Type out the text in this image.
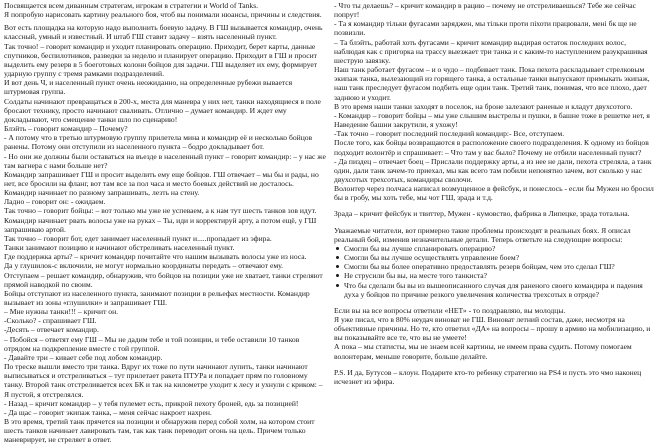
Посвящается всем диванным стратегам, игрокам в стратегии и World of Tanks.

Я попробую нарисовать картину реального боя, чтоб вы понимали нюансы, причины и следствия.

Вот есть площадка на которую надо выполнить боевую задачу. В ГШ вызывается командир, очень классный, умный и известный. И штаб ГШ ставит задачу – взять населенный пункт.

Так точно! – говорит командир и уходит планировать операцию. Приходит, берет карты, данные спутников, беспилотников, разведки за неделю и планирует операцию. Приходит в ГШ и просит выделить ему резерв в 5 боеготовых колонн бойцов для задачи. ГШ выделяет их ему, формирует ударную группу с тремя рамками подразделений.

И вот день Ч, и населенный пункт очень неожиданно, на определенные рубежи вывается штурмовая группа.

Солдаты начинают превращаться в 200-х, места для маневра у них нет, танки находящиеся в поле бросают технику, просто начинают сваливать. Отлично – думает командир. И ждет ему докладывают, что смещение танки шло по сценарию!

Блэйть – говорит командир – Почему?

- А потому что в третью штурмовую группу прилетела мина и командир её и несколько бойцов ранены. Потому они отступили из населенного пункта – бодро докладывает бот.

- Но они же должны были оставаться на въезде в населенный пункт – говорит командир: – у нас же там вагнера с нами больше нет?

Командир запрашивает ГШ и просит выделить ему еще бойцов. ГШ отвечает – мы бы и рады, но нет, все бросили на фланг, вот там все за пол часа и место боевых действий не досталось.

Командир начинает по разному запрашивать, лезть на стену.

Ладно – говорит он: - ожидаем.

Так точно – говорит бойцы: – вот только мы уже не успеваем, а к нам тут шесть танков зов идут.

Командир начинает рвать волосы уже на руках – Ты, иди и корректируй арту, а потом ещё, у ГШ запрашиваю артой.

Так точно – говорит бот, едет занимает населенный пункт и.....пропадает из эфира.

Танки занимают позицию и начинают обстреливать населенный пункт.

Где поддержка арты? – кричит командир почитайте что нашим вызывать волосы уже из носа.

Да у глушилок-с включили, не могут нормально координаты передать – отвечают ему.

Отступаем – решает командир, обнаружив, что бойцов на позиции уже не хватает, танки стреляют прямой наводкой по своим.

Бойцы отступают из населенного пункта, занимают позиции в рельефах местности. Командир вызывает из зоны «глушилки» и запрашивает ГШ.

– Мне нужны танки!!! – кричит он.

-Сколько? - спрашивает ГШ.

-Десять – отвечает командир.

– Побойся – ответят ему ГШ – Мы не дадим тебе и той позиции, и тебе оставили 10 танков отрядом на подкрепление вместе с той группой.

- Давайте три – кивает себе под лобом командир.

По треске вышли вместо три танка. Вдруг их тоже по пути начинают лупить, танки начинают выписываться и отстреливаться – тут прилетает ракета ПТУРа и попадает прям по головному танку. Второй танк отстреливается всех БК и так на километре уходит к лесу и ухнули с криком: – Я пустой, я отстрелялся.

- Назад – кричит командир – у тебя пулемет есть, прикрой пехоту броней, едь за позицией!

- Да щас – говорит экипаж танка, – меня сейчас накроет нахрен.

В это время, третий танк прячется на позиции и обнаружив перед собой холм, на котором стоит шесть танков начинает лавировать там, так как танк переводит огонь на цель. Причем только маневрирует, не стреляет в ответ.

- Что ты делаешь? – кричит командир в рацию – почему не отстреливаешься? Тебе же сейчас попрут!

- Та я командир тільки фугасами заряджен, мы тільки проти піхоти працювали, мені бк ще не позвизли.

– Та блэйть, работай хоть фугасами – кричит командир выдирая остаток последних волос, наблюдая как с пригорка на трассу выезжает три танка и с каким-то наступлением разукрашивая шеструю завязку.

Наш танк работает фугасом – и о чудо – подбивает танк. Пока пехота раскладывает стрелковым экипаж танка, вылезающий из горящего танка, а остальные танки выпускают примыкать экипаж, наш танк преследует фугасом подбить еще один танк. Третий танк, понимая, что все плохо, дает заднюю и уходит.

В это время наши танки заходят в поселок, на броне залезают раненые и кладут двухсотого.

- Командир – говорит бойцы – мы уже слышим выстрелы и пушки, в башне тоже в решетке нет, я Наведение башни закрутили, я ухожу!

-Так точно – говорит последний последний командир:- Все, отступаем.

После того, как бойцы возвращаются в расположение своего подразделения. К одному из бойцов подходит волонтёр и спрашивает: – Что там у вас было? Почему не отбили населенный пункт?

- Да пиздец – отвечает боец – Прислали поддержку арты, а из нее не дали, пехота стреляла, а танк один, дали танк зачем-то приехал, мы как всего там побили непонятно зачем, вот сколько у нас двухсотых трехсотых, командиры сволочи.

Волонтер через полчаса написал возмущенное в фейсбук, и понеслось - если бы Мужен но бросил бы в гробу, мы хоть тебе, мы чот ГШ, зрада и т.д.

Зрада – кричит фейсбук и твиттер, Мужен - кумовство, фабрика в Липецке, зрада тотальна.

Уважаемые читатели, вот примерно такие проблемы происходят в реальных боях. Я описал реальный бой, изменив незначительные детали. Теперь ответьте на следующие вопросы:

Смогли бы вы лучше спланировать операцию?
Смогли бы вы лучше осуществлять управление боем?
Смогли бы вы более оперативно предоставлять резерв бойцам, чем это сделал ГШ?
Не струсили бы вы, на месте того танкиста?
Что бы сделали бы вы из вышеописанного случая для раненого своего командира и падения духа у бойцов по причине резкого увеличения количества трехсотых в отряде?

Если вы на все вопросы ответили «НЕТ» - то поздравляю, вы молодцы.

Я уже писал, что в 80% неудач виноват не ГШ. Виноват летний состав, даже, несмотря на объективные причины. Но те, кто ответил «ДА» на вопросы – прошу в армию на мобилизацию, и вы показывайте все те, что вы не умеете!

А пока – мы статисты, мы не знаем всей картины, не имеем права судить. Потому помогаем волонтерам, меньше говорите, больше делайте.

P.S. И да, Бутусов – клоун. Подарите кто-то ребенку стратегию на PS4 и пусть это чмо наконец исчезнет из эфира.
